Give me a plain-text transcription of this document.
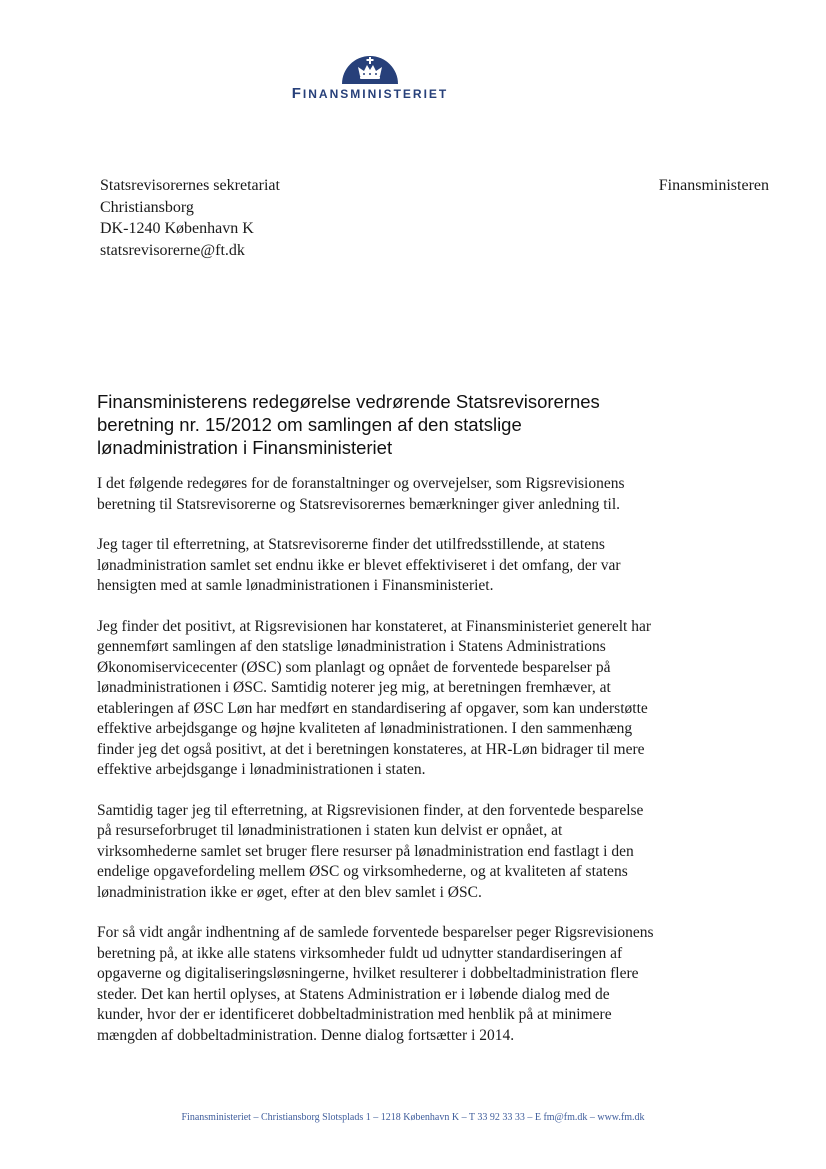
FINANSMINISTERIET
Statsrevisorernes sekretariat
Christiansborg
DK-1240 København K
statsrevisorerne@ft.dk
Finansministeren
Finansministerens redegørelse vedrørende Statsrevisorernes beretning nr. 15/2012 om samlingen af den statslige lønadministration i Finansministeriet

I det følgende redegøres for de foranstaltninger og overvejelser, som Rigsrevisionens beretning til Statsrevisorerne og Statsrevisorernes bemærkninger giver anledning til.

Jeg tager til efterretning, at Statsrevisorerne finder det utilfredsstillende, at statens lønadministration samlet set endnu ikke er blevet effektiviseret i det omfang, der var hensigten med at samle lønadministrationen i Finansministeriet.

Jeg finder det positivt, at Rigsrevisionen har konstateret, at Finansministeriet generelt har gennemført samlingen af den statslige lønadministration i Statens Administrations Økonomiservicecenter (ØSC) som planlagt og opnået de forventede besparelser på lønadministrationen i ØSC. Samtidig noterer jeg mig, at beretningen fremhæver, at etableringen af ØSC Løn har medført en standardisering af opgaver, som kan understøtte effektive arbejdsgange og højne kvaliteten af lønadministrationen. I den sammenhæng finder jeg det også positivt, at det i beretningen konstateres, at HR-Løn bidrager til mere effektive arbejdsgange i lønadministrationen i staten.

Samtidig tager jeg til efterretning, at Rigsrevisionen finder, at den forventede besparelse på resurseforbruget til lønadministrationen i staten kun delvist er opnået, at virksomhederne samlet set bruger flere resurser på lønadministration end fastlagt i den endelige opgavefordeling mellem ØSC og virksomhederne, og at kvaliteten af statens lønadministration ikke er øget, efter at den blev samlet i ØSC.

For så vidt angår indhentning af de samlede forventede besparelser peger Rigsrevisionens beretning på, at ikke alle statens virksomheder fuldt ud udnytter standardiseringen af opgaverne og digitaliseringsløsningerne, hvilket resulterer i dobbeltadministration flere steder. Det kan hertil oplyses, at Statens Administration er i løbende dialog med de kunder, hvor der er identificeret dobbeltadministration med henblik på at minimere mængden af dobbeltadministration. Denne dialog fortsætter i 2014.

Finansministeriet – Christiansborg Slotsplads 1 – 1218 København K – T 33 92 33 33 – E fm@fm.dk – www.fm.dk
